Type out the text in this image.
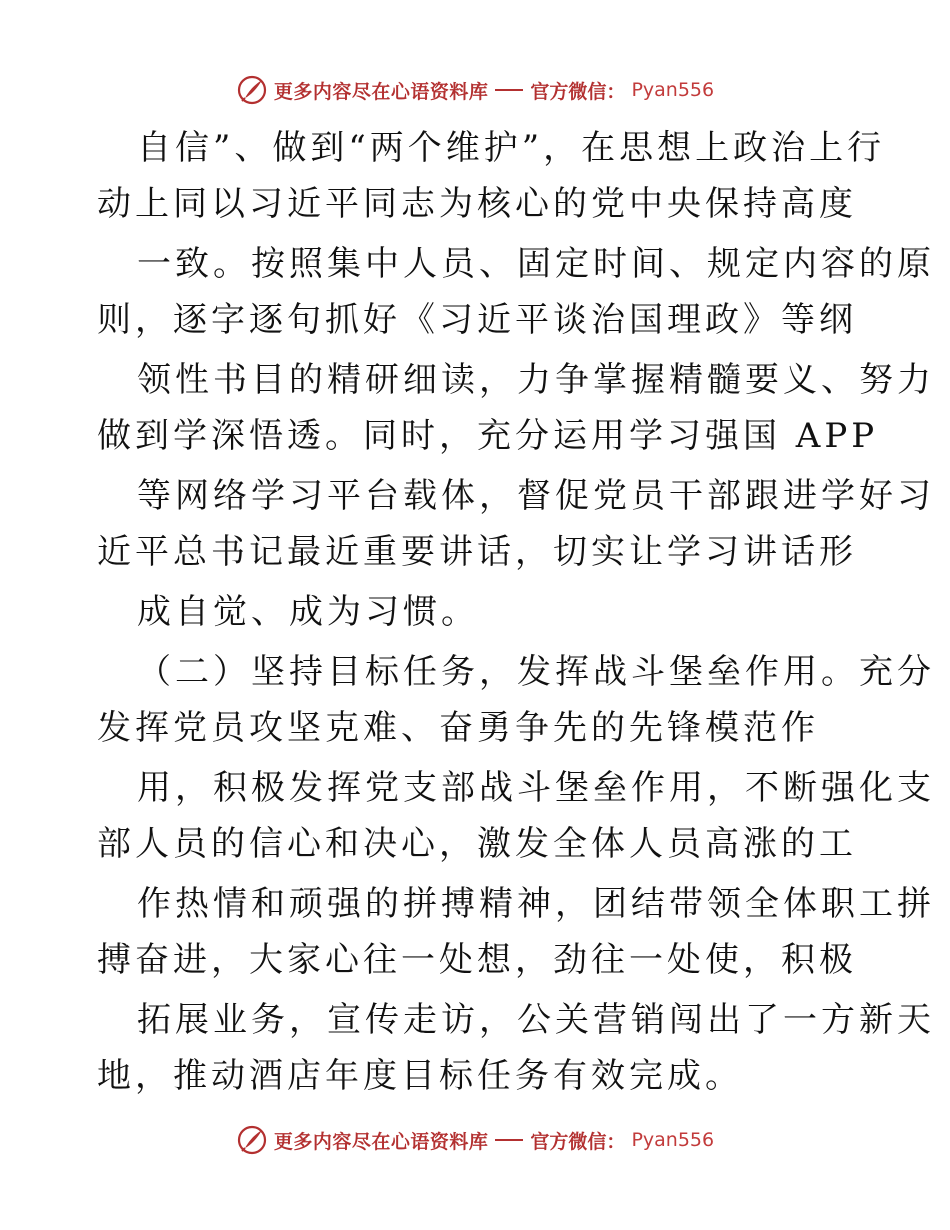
更多内容尽在心语资料库 官方微信： Pyan556
自信”、做到“两个维护”，在思想上政治上行
动上同以习近平同志为核心的党中央保持高度
一致。按照集中人员、固定时间、规定内容的原
则，逐字逐句抓好《习近平谈治国理政》等纲
领性书目的精研细读，力争掌握精髓要义、努力
做到学深悟透。同时，充分运用学习强国 APP
等网络学习平台载体，督促党员干部跟进学好习
近平总书记最近重要讲话，切实让学习讲话形
成自觉、成为习惯。
（二）坚持目标任务，发挥战斗堡垒作用。充分
发挥党员攻坚克难、奋勇争先的先锋模范作
用，积极发挥党支部战斗堡垒作用，不断强化支
部人员的信心和决心，激发全体人员高涨的工
作热情和顽强的拼搏精神，团结带领全体职工拼
搏奋进，大家心往一处想，劲往一处使，积极
拓展业务，宣传走访，公关营销闯出了一方新天
地，推动酒店年度目标任务有效完成。
更多内容尽在心语资料库 官方微信： Pyan556
